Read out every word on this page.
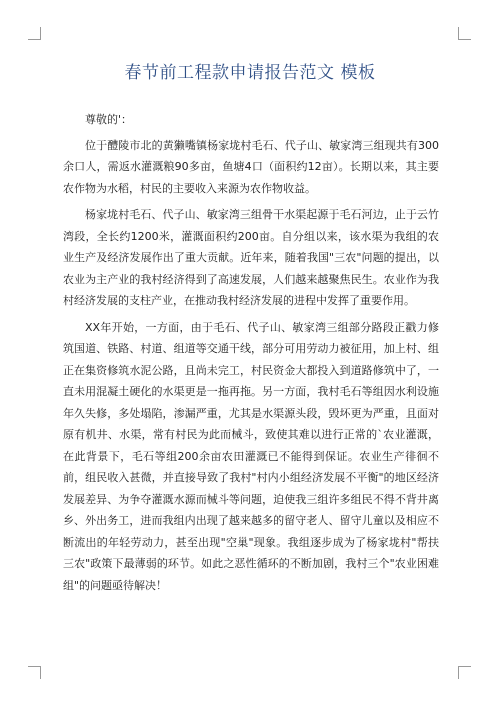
春节前工程款申请报告范文 模板

尊敬的'：

位于醴陵市北的黄獭嘴镇杨家垅村毛石、代子山、敏家湾三组现共有300余口人，需返水灌溉粮90多亩，鱼塘4口（面积约12亩）。长期以来，其主要农作物为水稻，村民的主要收入来源为农作物收益。

杨家垅村毛石、代子山、敏家湾三组骨干水渠起源于毛石河边，止于云竹湾段，全长约1200米，灌溉面积约200亩。自分组以来，该水渠为我组的农业生产及经济发展作出了重大贡献。近年来，随着我国"三农"问题的提出，以农业为主产业的我村经济得到了高速发展，人们越来越聚焦民生。农业作为我村经济发展的支柱产业，在推动我村经济发展的进程中发挥了重要作用。

XX年开始，一方面，由于毛石、代子山、敏家湾三组部分路段正戳力修筑国道、铁路、村道、组道等交通干线，部分可用劳动力被征用，加上村、组正在集资修筑水泥公路，且尚未完工，村民资金大都投入到道路修筑中了，一直未用混凝土硬化的水渠更是一拖再拖。另一方面，我村毛石等组因水利设施年久失修，多处塌陷，渗漏严重，尤其是水渠源头段，毁坏更为严重，且面对原有机井、水渠，常有村民为此而械斗，致使其难以进行正常的`农业灌溉，在此背景下，毛石等组200余亩农田灌溉已不能得到保证。农业生产徘徊不前，组民收入甚微，并直接导致了我村"村内小组经济发展不平衡"的地区经济发展差异、为争夺灌溉水源而械斗等问题，迫使我三组许多组民不得不背井离乡、外出务工，进而我组内出现了越来越多的留守老人、留守儿童以及相应不断流出的年轻劳动力，甚至出现"空巢"现象。我组逐步成为了杨家垅村"帮扶三农"政策下最薄弱的环节。如此之恶性循环的不断加剧，我村三个"农业困难组"的问题亟待解决！
